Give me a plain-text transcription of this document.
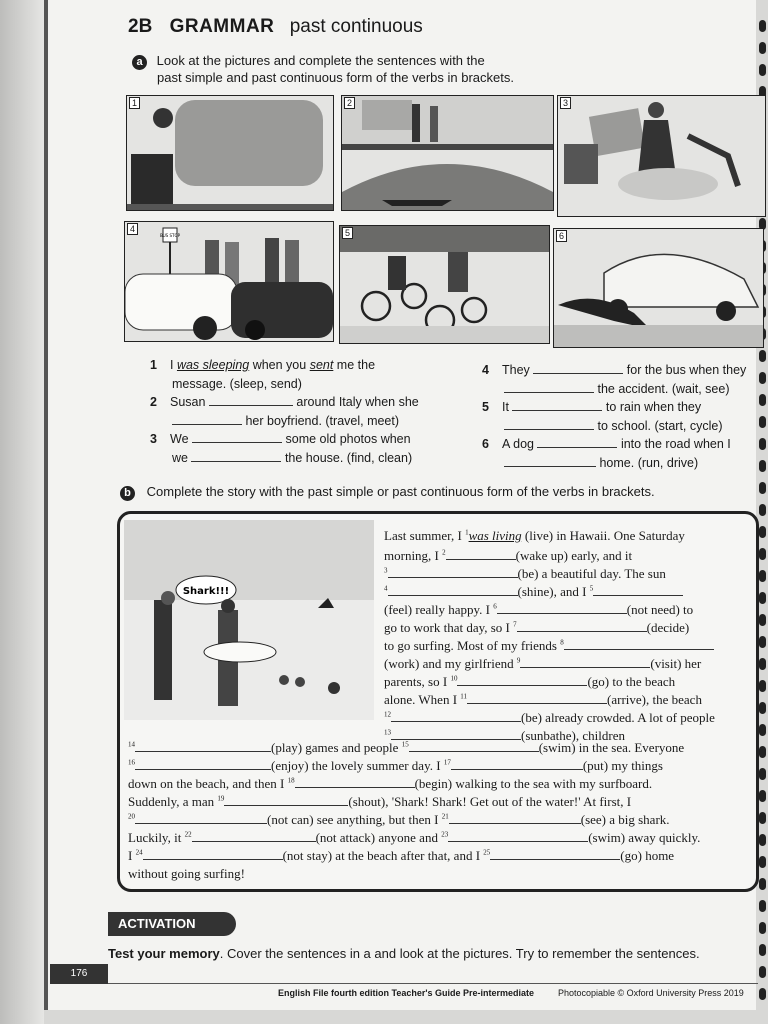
2B GRAMMAR past continuous
a Look at the pictures and complete the sentences with the
past simple and past continuous form of the verbs in brackets.
1	2	3
4
BUS STOP	5	6
1 I was sleeping when you sent me the
message. (sleep, send)
2 Susan	around Italy when she
her boyfriend. (travel, meet)
3 We	some old photos when
we	the house. (find, clean)
4 They	for the bus when they
the accident. (wait, see)
5 It	to rain when they
to school. (start, cycle)
6 A dog	into the road when I
home. (run, drive)
b Complete the story with the past simple or past continuous form of the verbs in brackets.
Shark!!!
Last summer, I $^1$was living (live) in Hawaii. One Saturday
morning, I $^2$	(wake up) early, and it
$^3$	(be) a beautiful day. The sun
$^4$	(shine), and I $^5$
(feel) really happy. I $^6$	(not need) to
go to work that day, so I $^7$	(decide)
to go surfing. Most of my friends $^8$
(work) and my girlfriend $^9$	(visit) her
parents, so I $^{10}$	(go) to the beach
alone. When I $^{11}$	(arrive), the beach
$^{12}$	(be) already crowded. A lot of people
$^{13}$	(sunbathe), children
$^{14}$	(play) games and people $^{15}$	(swim) in the sea. Everyone
$^{16}$	(enjoy) the lovely summer day. I $^{17}$	(put) my things
down on the beach, and then I $^{18}$	(begin) walking to the sea with my surfboard.
Suddenly, a man $^{19}$	(shout), 'Shark! Shark! Get out of the water!' At first, I
$^{20}$	(not can) see anything, but then I $^{21}$	(see) a big shark.
Luckily, it $^{22}$	(not attack) anyone and $^{23}$	(swim) away quickly.
I $^{24}$	(not stay) at the beach after that, and I $^{25}$	(go) home
without going surfing!
ACTIVATION
Test your memory. Cover the sentences in a and look at the pictures. Try to remember the sentences.
176
English File fourth edition Teacher's Guide Pre-intermediate	Photocopiable © Oxford University Press 2019
